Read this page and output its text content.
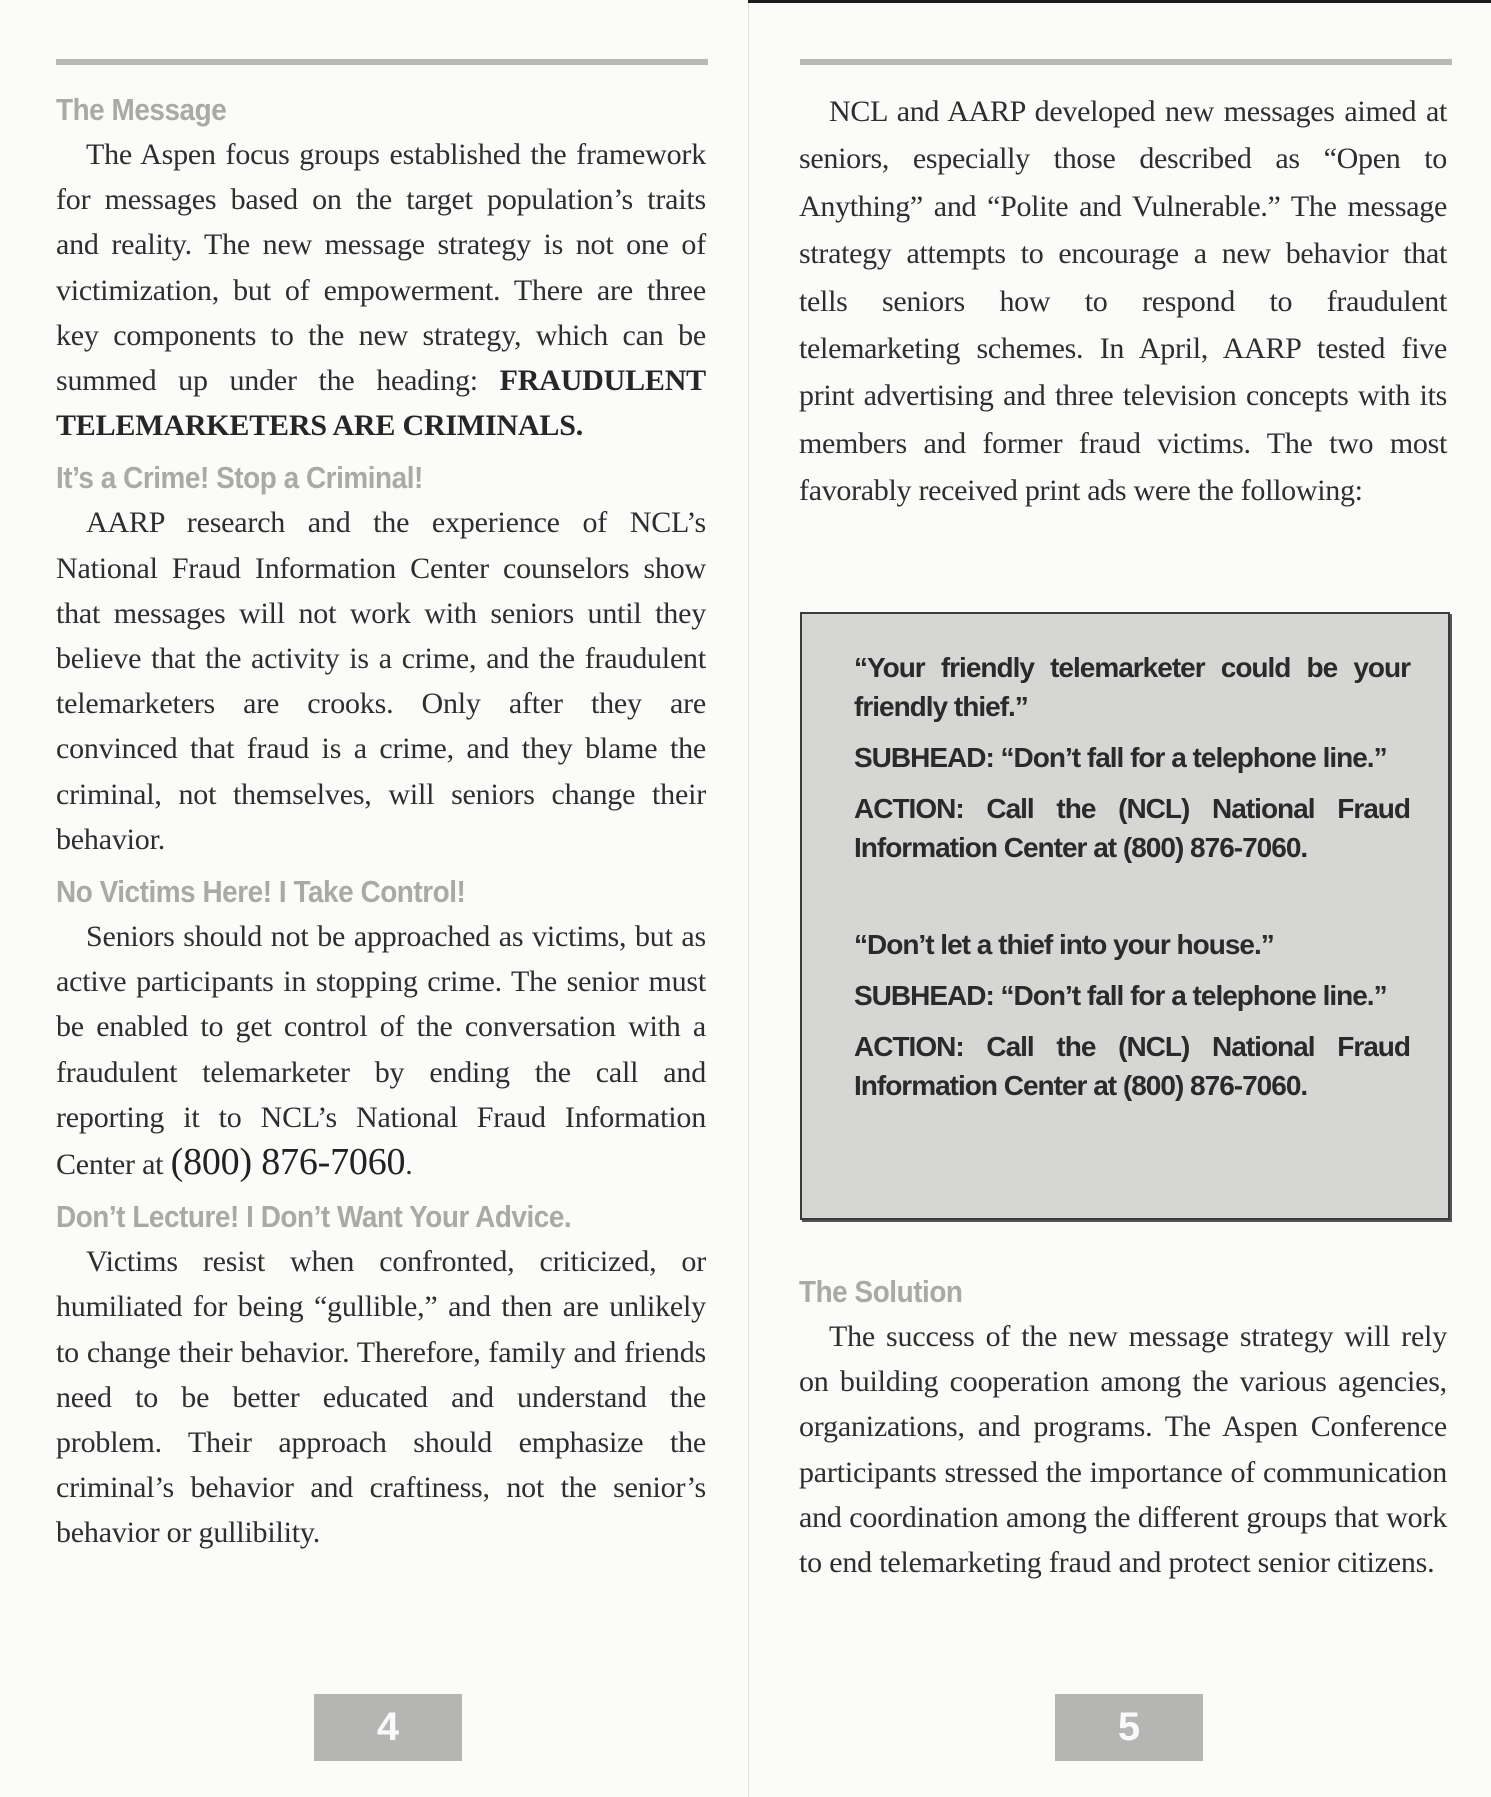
The Message

The Aspen focus groups established the framework for messages based on the target population’s traits and reality. The new message strategy is not one of victimization, but of empowerment. There are three key components to the new strategy, which can be summed up under the heading: FRAUDULENT TELEMARKETERS ARE CRIMINALS.

It’s a Crime! Stop a Criminal!

AARP research and the experience of NCL’s National Fraud Information Center counselors show that messages will not work with seniors until they believe that the activity is a crime, and the fraudulent telemarketers are crooks. Only after they are convinced that fraud is a crime, and they blame the criminal, not themselves, will seniors change their behavior.

No Victims Here! I Take Control!

Seniors should not be approached as victims, but as active participants in stopping crime. The senior must be enabled to get control of the conversation with a fraudulent telemarketer by ending the call and reporting it to NCL’s National Fraud Information Center at (800) 876-7060.

Don’t Lecture! I Don’t Want Your Advice.

Victims resist when confronted, criticized, or humiliated for being “gullible,” and then are unlikely to change their behavior. Therefore, family and friends need to be better educated and understand the problem. Their approach should emphasize the criminal’s behavior and craftiness, not the senior’s behavior or gullibility.

4

NCL and AARP developed new messages aimed at seniors, especially those described as “Open to Anything” and “Polite and Vulnerable.” The message strategy attempts to encourage a new behavior that tells seniors how to respond to fraudulent telemarketing schemes. In April, AARP tested five print advertising and three television concepts with its members and former fraud victims. The two most favorably received print ads were the following:

“Your friendly telemarketer could be your friendly thief.”

SUBHEAD: “Don’t fall for a telephone line.”

ACTION: Call the (NCL) National Fraud Information Center at (800) 876-7060.

“Don’t let a thief into your house.”

SUBHEAD: “Don’t fall for a telephone line.”

ACTION: Call the (NCL) National Fraud Information Center at (800) 876-7060.

The Solution

The success of the new message strategy will rely on building cooperation among the various agencies, organizations, and programs. The Aspen Conference participants stressed the importance of communication and coordination among the different groups that work to end telemarketing fraud and protect senior citizens.

5
